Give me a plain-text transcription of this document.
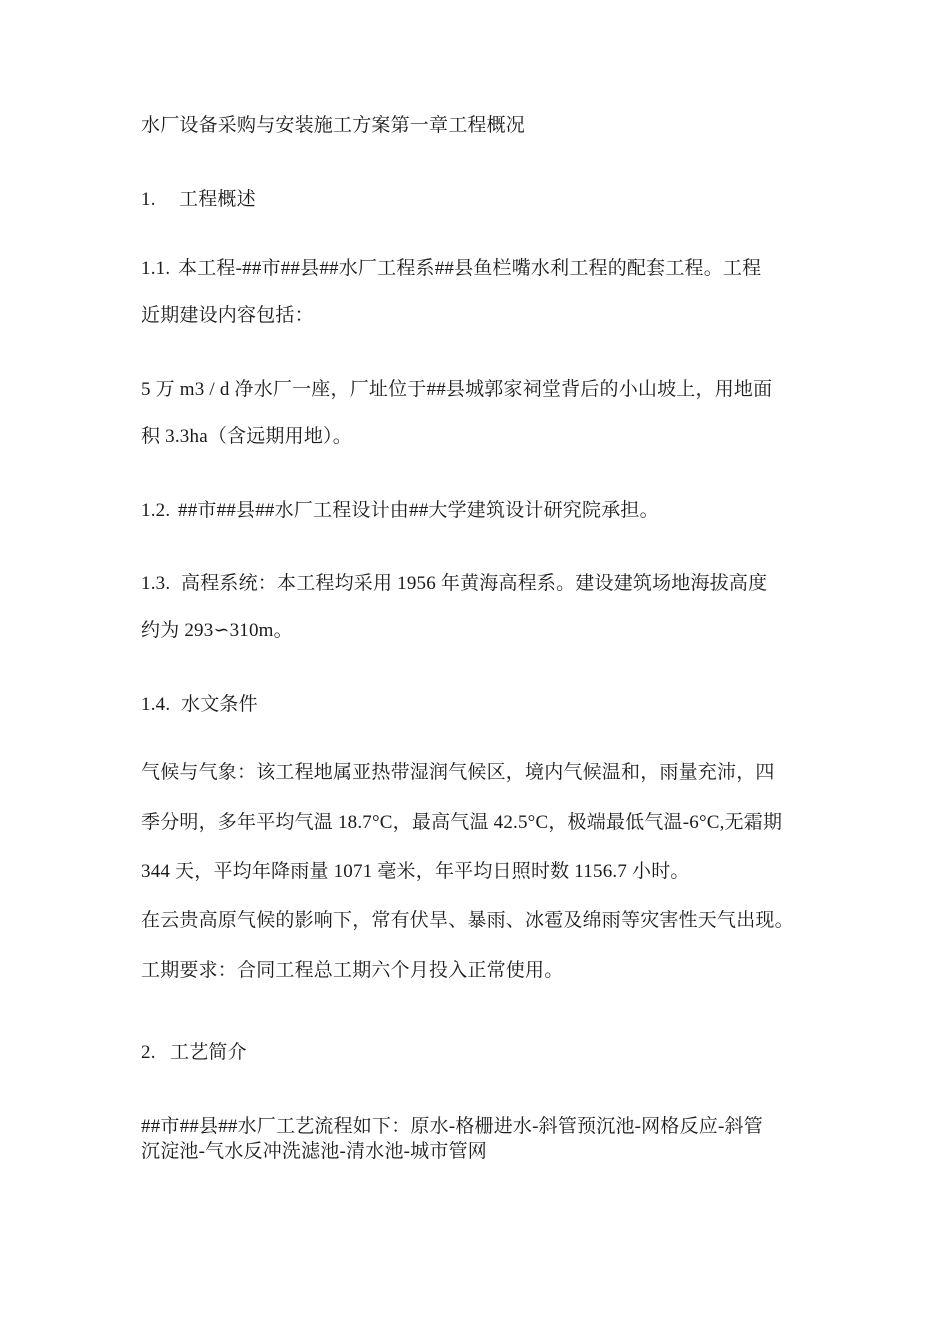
水厂设备采购与安装施工方案第一章工程概况
1. 工程概述
1.1. 本工程-##市##县##水厂工程系##县鱼栏嘴水利工程的配套工程。工程
近期建设内容包括：
5 万 m3 / d 净水厂一座，厂址位于##县城郭家祠堂背后的小山坡上，用地面
积 3.3ha（含远期用地）。
1.2. ##市##县##水厂工程设计由##大学建筑设计研究院承担。
1.3. 高程系统：本工程均采用 1956 年黄海高程系。建设建筑场地海拔高度
约为 293∽310m。
1.4. 水文条件
气候与气象：该工程地属亚热带湿润气候区，境内气候温和，雨量充沛，四
季分明，多年平均气温 18.7°C，最高气温 42.5°C，极端最低气温-6°C,无霜期
344 天，平均年降雨量 1071 毫米，年平均日照时数 1156.7 小时。
在云贵高原气候的影响下，常有伏旱、暴雨、冰雹及绵雨等灾害性天气出现。
工期要求：合同工程总工期六个月投入正常使用。
2. 工艺简介
##市##县##水厂工艺流程如下：原水-格栅进水-斜管预沉池-网格反应-斜管
沉淀池-气水反冲洗滤池-清水池-城市管网
